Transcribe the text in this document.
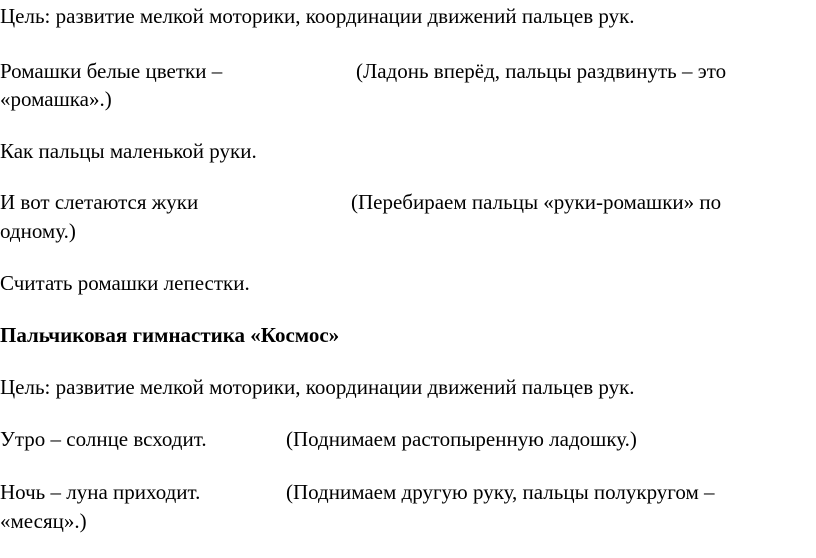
Цель: развитие мелкой моторики, координации движений пальцев рук.
Ромашки белые цветки –	(Ладонь вперёд, пальцы раздвинуть – это
«ромашка».)
Как пальцы маленькой руки.
И вот слетаются жуки	(Перебираем пальцы «руки-ромашки» по
одному.)
Считать ромашки лепестки.
Пальчиковая гимнастика «Космос»
Цель: развитие мелкой моторики, координации движений пальцев рук.
Утро – солнце всходит.	(Поднимаем растопыренную ладошку.)
Ночь – луна приходит.	(Поднимаем другую руку, пальцы полукругом –
«месяц».)
